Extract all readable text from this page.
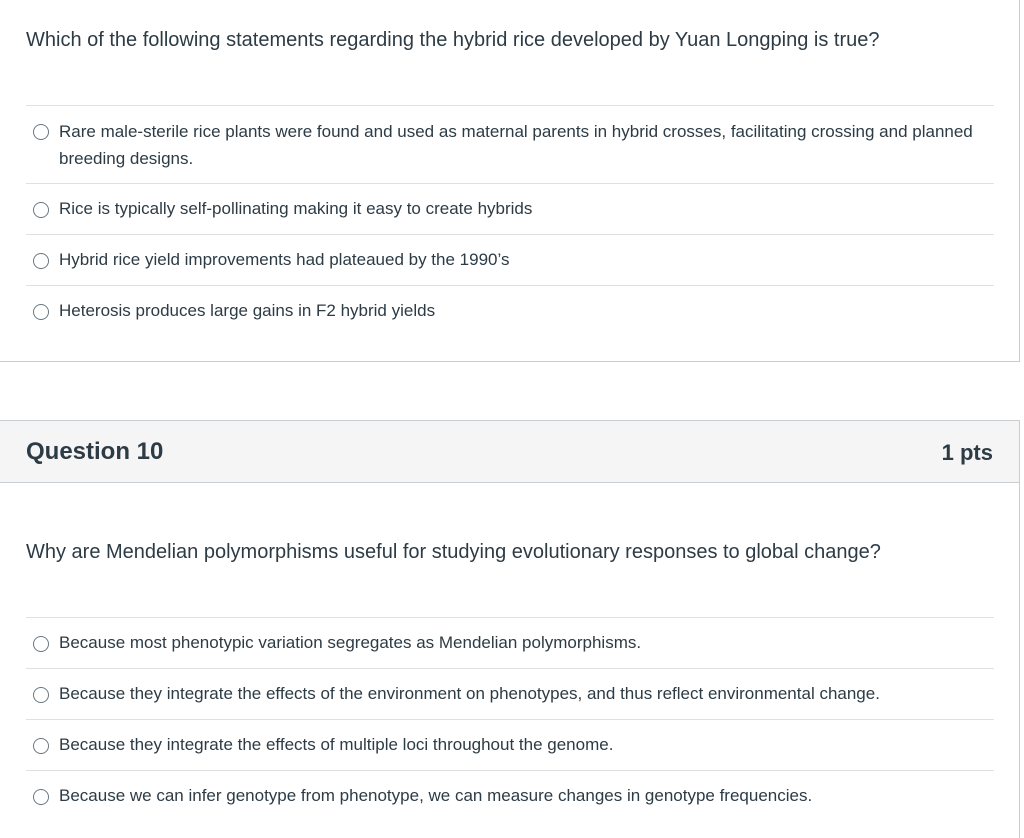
Which of the following statements regarding the hybrid rice developed by Yuan Longping is true?
Rare male-sterile rice plants were found and used as maternal parents in hybrid crosses, facilitating crossing and planned breeding designs.
Rice is typically self-pollinating making it easy to create hybrids
Hybrid rice yield improvements had plateaued by the 1990’s
Heterosis produces large gains in F2 hybrid yields
Question 10	1 pts
Why are Mendelian polymorphisms useful for studying evolutionary responses to global change?
Because most phenotypic variation segregates as Mendelian polymorphisms.
Because they integrate the effects of the environment on phenotypes, and thus reflect environmental change.
Because they integrate the effects of multiple loci throughout the genome.
Because we can infer genotype from phenotype, we can measure changes in genotype frequencies.
